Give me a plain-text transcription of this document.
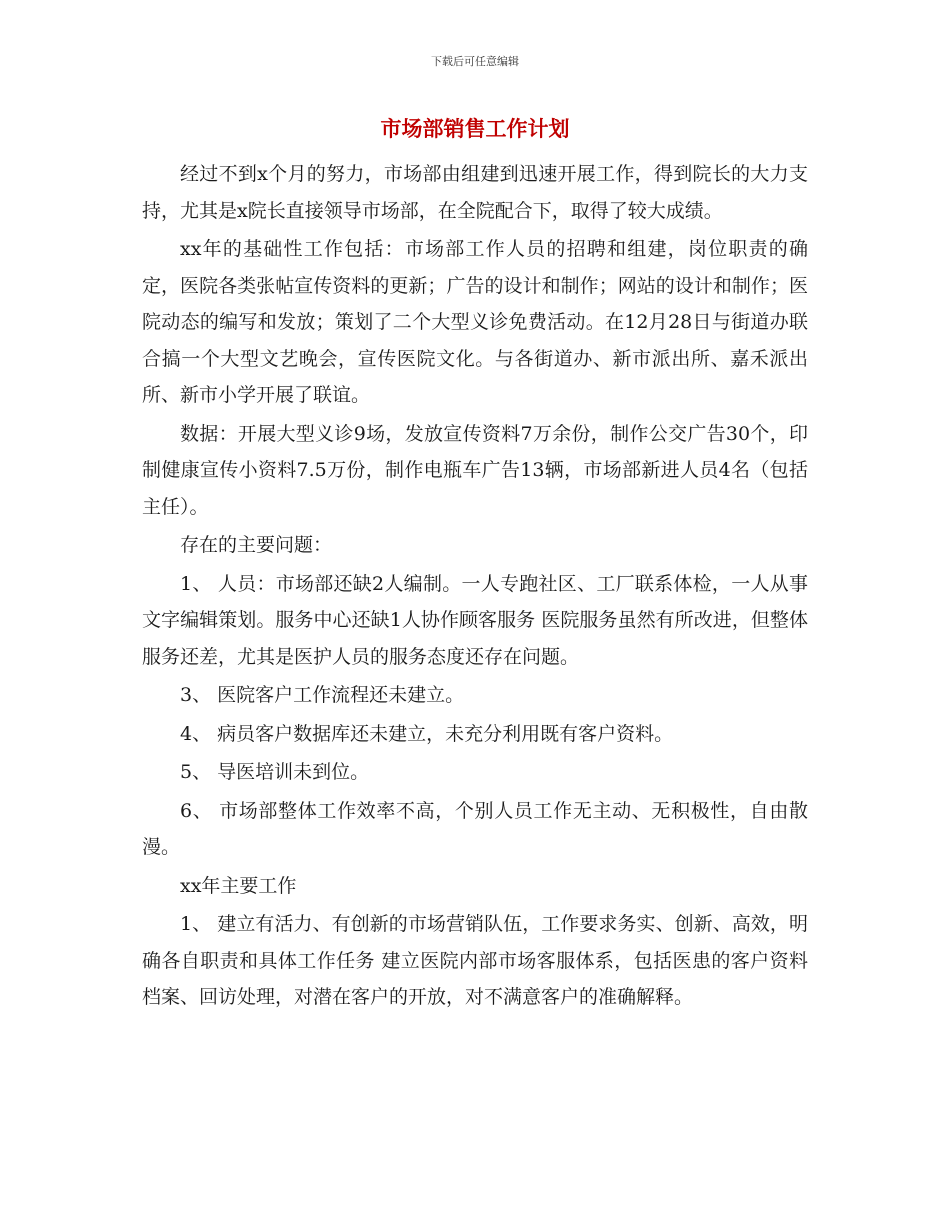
下载后可任意编辑
市场部销售工作计划

经过不到x个月的努力，市场部由组建到迅速开展工作，得到院长的大力支持，尤其是x院长直接领导市场部，在全院配合下，取得了较大成绩。

xx年的基础性工作包括：市场部工作人员的招聘和组建，岗位职责的确定，医院各类张帖宣传资料的更新；广告的设计和制作；网站的设计和制作；医院动态的编写和发放；策划了二个大型义诊免费活动。在12月28日与街道办联合搞一个大型文艺晚会，宣传医院文化。与各街道办、新市派出所、嘉禾派出所、新市小学开展了联谊。

数据：开展大型义诊9场，发放宣传资料7万余份，制作公交广告30个，印制健康宣传小资料7.5万份，制作电瓶车广告13辆，市场部新进人员4名（包括主任）。

存在的主要问题：

1、 人员：市场部还缺2人编制。一人专跑社区、工厂联系体检，一人从事文字编辑策划。服务中心还缺1人协作顾客服务 医院服务虽然有所改进，但整体服务还差，尤其是医护人员的服务态度还存在问题。

3、 医院客户工作流程还未建立。

4、 病员客户数据库还未建立，未充分利用既有客户资料。

5、 导医培训未到位。

6、 市场部整体工作效率不高，个别人员工作无主动、无积极性，自由散漫。

xx年主要工作

1、 建立有活力、有创新的市场营销队伍，工作要求务实、创新、高效，明确各自职责和具体工作任务 建立医院内部市场客服体系，包括医患的客户资料档案、回访处理，对潜在客户的开放，对不满意客户的准确解释。
